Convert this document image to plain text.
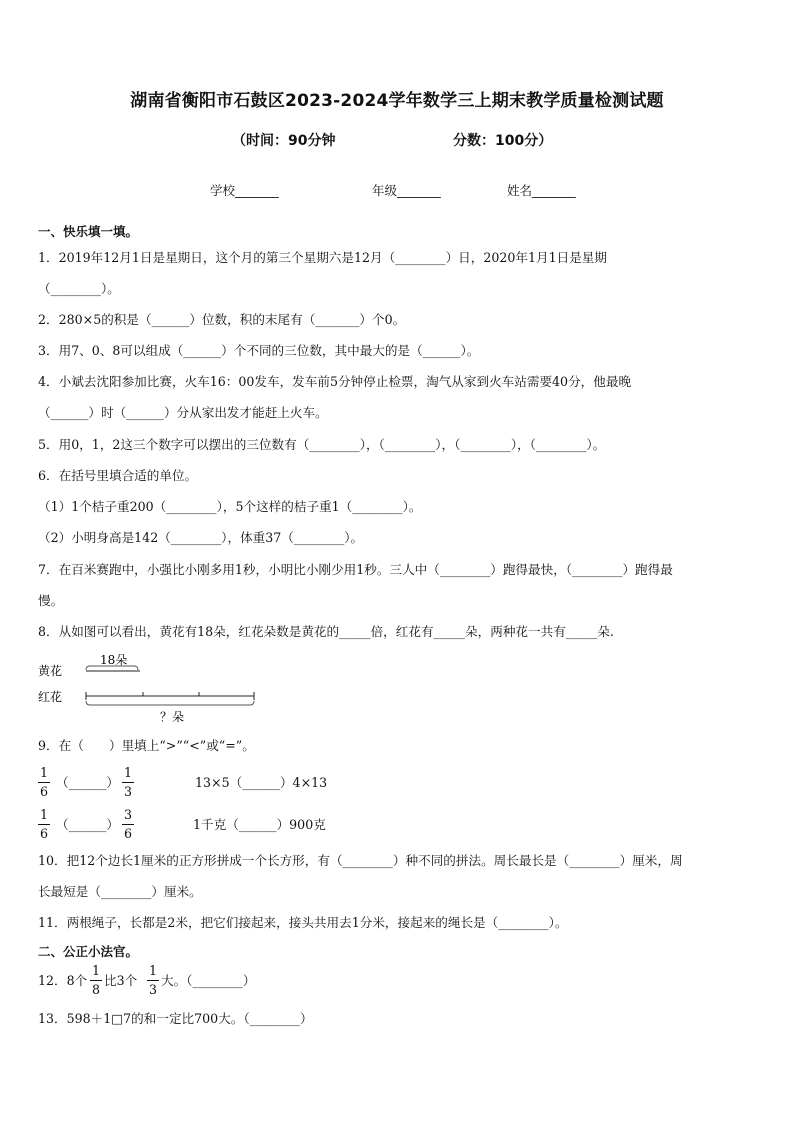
湖南省衡阳市石鼓区2023-2024学年数学三上期末教学质量检测试题
（时间：90分钟	分数：100分）
学校_______	年级_______	姓名_______
一、快乐填一填。
1．2019年12月1日是星期日，这个月的第三个星期六是12月（________）日，2020年1月1日是星期
（________）。
2．280×5的积是（______）位数，积的末尾有（_______）个0。
3．用7、0、8可以组成（______）个不同的三位数，其中最大的是（______）。
4．小斌去沈阳参加比赛，火车16：00发车，发车前5分钟停止检票，淘气从家到火车站需要40分，他最晚
（______）时（______）分从家出发才能赶上火车。
5．用0，1，2这三个数字可以摆出的三位数有（________），（________），（________），（________）。
6．在括号里填合适的单位。
（1）1个桔子重200（________），5个这样的桔子重1（________）。
（2）小明身高是142（________），体重37（________）。
7．在百米赛跑中，小强比小刚多用1秒，小明比小刚少用1秒。三人中（________）跑得最快，（________）跑得最
慢。
8．从如图可以看出，黄花有18朵，红花朵数是黄花的_____倍，红花有_____朵，两种花一共有_____朵.
黄花
红花
18朵
？朵
9．在（　　）里填上“>”“<”或“=”。
1
6
（______）
1
3
13×5（______）4×13
1
6
（______）
3
6
1千克（______）900克
10．把12个边长1厘米的正方形拼成一个长方形，有（________）种不同的拼法。周长最长是（________）厘米，周
长最短是（________）厘米。
11．两根绳子，长都是2米，把它们接起来，接头共用去1分米，接起来的绳长是（________）。
二、公正小法官。
12．8个
1
8
比3个
1
3
大。（________）
13．598＋1□7的和一定比700大。（________）
